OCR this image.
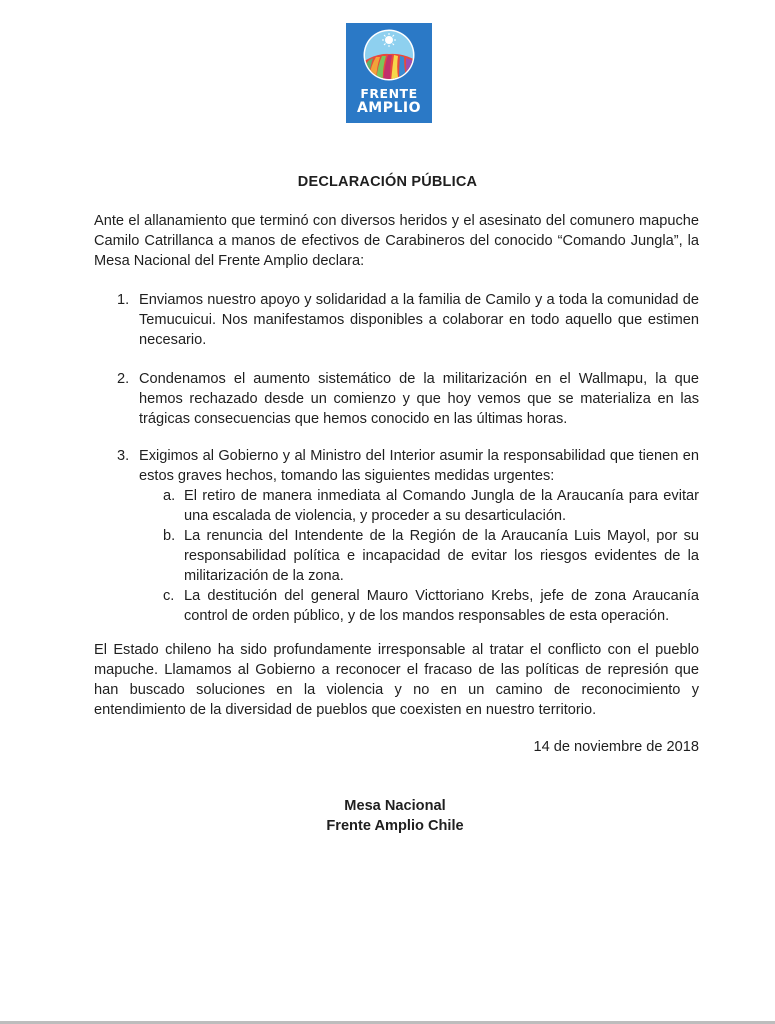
FRENTE
AMPLIO
DECLARACIÓN PÚBLICA
Ante el allanamiento que terminó con diversos heridos y el asesinato del comunero mapuche Camilo Catrillanca a manos de efectivos de Carabineros del conocido “Comando Jungla”, la Mesa Nacional del Frente Amplio declara:
1. Enviamos nuestro apoyo y solidaridad a la familia de Camilo y a toda la comunidad de Temucuicui. Nos manifestamos disponibles a colaborar en todo aquello que estimen necesario.
2. Condenamos el aumento sistemático de la militarización en el Wallmapu, la que hemos rechazado desde un comienzo y que hoy vemos que se materializa en las trágicas consecuencias que hemos conocido en las últimas horas.
3. Exigimos al Gobierno y al Ministro del Interior asumir la responsabilidad que tienen en estos graves hechos, tomando las siguientes medidas urgentes:
a. El retiro de manera inmediata al Comando Jungla de la Araucanía para evitar una escalada de violencia, y proceder a su desarticulación.
b. La renuncia del Intendente de la Región de la Araucanía Luis Mayol, por su responsabilidad política e incapacidad de evitar los riesgos evidentes de la militarización de la zona.
c. La destitución del general Mauro Victtoriano Krebs, jefe de zona Araucanía control de orden público, y de los mandos responsables de esta operación.
El Estado chileno ha sido profundamente irresponsable al tratar el conflicto con el pueblo mapuche. Llamamos al Gobierno a reconocer el fracaso de las políticas de represión que han buscado soluciones en la violencia y no en un camino de reconocimiento y entendimiento de la diversidad de pueblos que coexisten en nuestro territorio.
14 de noviembre de 2018
Mesa Nacional
Frente Amplio Chile
